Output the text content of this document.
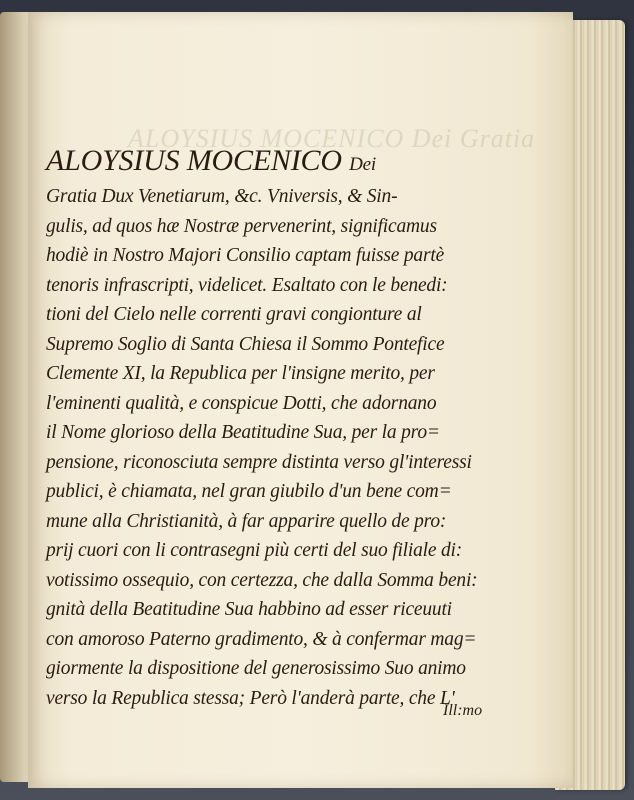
ALOYSIUS MOCENICO Dei Gratia
ALOYSIUS MOCENICO Dei
Gratia Dux Venetiarum, &c. Vniversis, & Sin-
gulis, ad quos hæ Nostræ pervenerint, significamus
hodiè in Nostro Majori Consilio captam fuisse partè
tenoris infrascripti, videlicet. Esaltato con le benedi:
tioni del Cielo nelle correnti gravi congionture al
Supremo Soglio di Santa Chiesa il Sommo Pontefice
Clemente XI, la Republica per l'insigne merito, per
l'eminenti qualità, e conspicue Dotti, che adornano
il Nome glorioso della Beatitudine Sua, per la pro=
pensione, riconosciuta sempre distinta verso gl'interessi
publici, è chiamata, nel gran giubilo d'un bene com=
mune alla Christianità, à far apparire quello de pro:
prij cuori con li contrasegni più certi del suo filiale di:
votissimo ossequio, con certezza, che dalla Somma beni:
gnità della Beatitudine Sua habbino ad esser riceuuti
con amoroso Paterno gradimento, & à confermar mag=
giormente la dispositione del generosissimo Suo animo
verso la Republica stessa; Però l'anderà parte, che L'
Ill:mo
